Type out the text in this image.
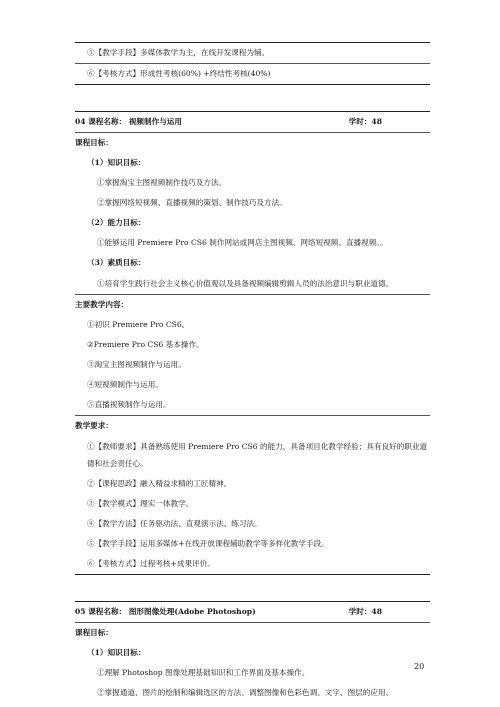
⑤【教学手段】多媒体教学为主，在线开发课程为辅。
⑥【考核方式】形成性考核(60%) +终结性考核(40%)
04 课程名称： 视频制作与运用	学时：48
课程目标：
（1）知识目标：
①掌握淘宝主图视频制作技巧及方法。
②掌握网络短视频、直播视频的策划、制作技巧及方法。
（2）能力目标：
①能够运用 Premiere Pro CS6 制作网站或网店主图视频、网络短视频、直播视频。。
（3）素质目标：
①培育学生践行社会主义核心价值观以及具备视频编辑剪辑人员的法治意识与职业道德。
主要教学内容：
①初识 Premiere Pro CS6。
②Premiere Pro CS6 基本操作。
③淘宝主图视频制作与运用。
④短视频制作与运用。
⑤直播视频制作与运用。
教学要求：
①【教师要求】具备熟练使用 Premiere Pro CS6 的能力，具备项目化教学经验；具有良好的职业道德和社会责任心。
②【课程思政】融入精益求精的工匠精神。
③【教学模式】理实一体教学。
④【教学方法】任务驱动法、直观演示法、练习法。
⑤【教学手段】运用多媒体+在线开放课程辅助教学等多样化教学手段。
⑥【考核方式】过程考核+成果评价。
05 课程名称： 图形图像处理(Adobe Photoshop)	学时：48
课程目标：
（1）知识目标：
①理解 Photoshop 图像处理基础知识和工作界面及基本操作。
②掌握通道、图片的绘制和编辑选区的方法、调整图像和色彩色调、文字、图层的应用、
20
